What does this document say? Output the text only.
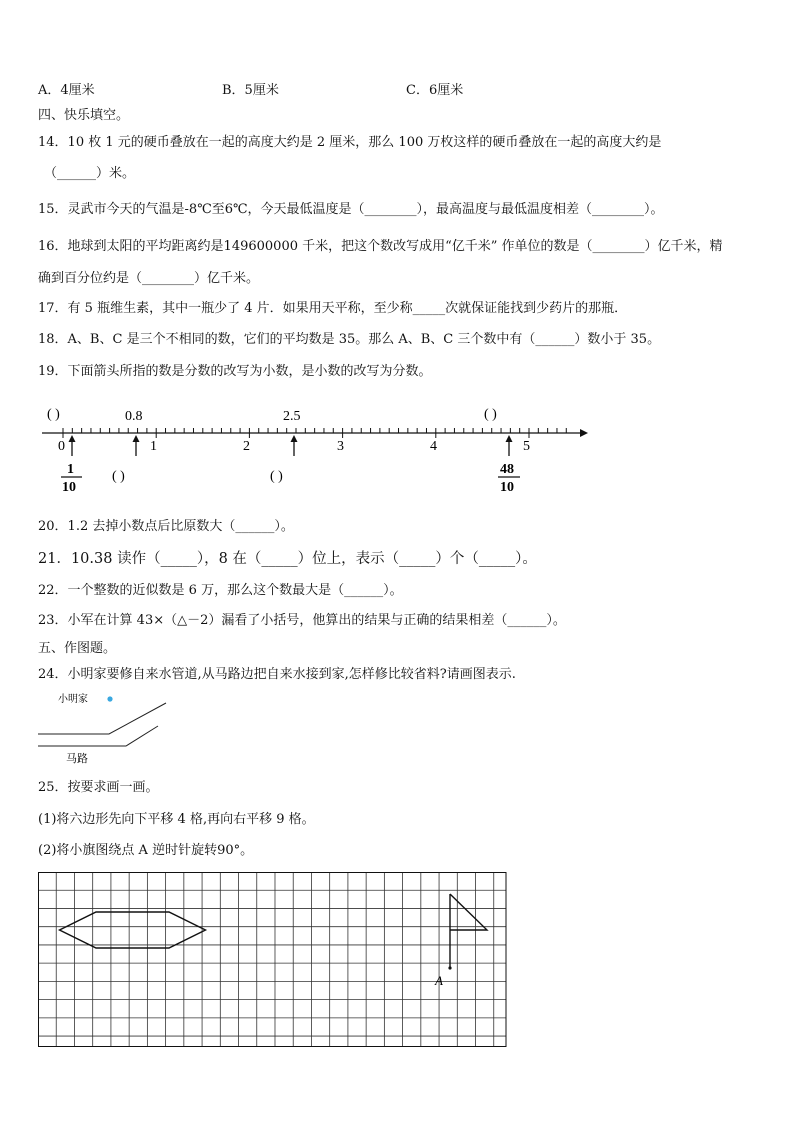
A．4厘米	B．5厘米	C．6厘米
四、快乐填空。
14．10 枚 1 元的硬币叠放在一起的高度大约是 2 厘米，那么 100 万枚这样的硬币叠放在一起的高度大约是
（______）米。
15．灵武市今天的气温是-8℃至6℃，今天最低温度是（________），最高温度与最低温度相差（________）。
16．地球到太阳的平均距离约是149600000 千米，把这个数改写成用“亿千米” 作单位的数是（________）亿千米，精
确到百分位约是（________）亿千米。
17．有 5 瓶维生素，其中一瓶少了 4 片．如果用天平称，至少称_____次就保证能找到少药片的那瓶．
18．A、B、C 是三个不相同的数，它们的平均数是 35。那么 A、B、C 三个数中有（______）数小于 35。
19．下面箭头所指的数是分数的改写为小数，是小数的改写为分数。
( )	0.8	2.5	( )
0	1	2	3	4	5
1
10
( )	( )	48
10
20．1.2 去掉小数点后比原数大（______）。
21．10.38 读作（_____），8 在（_____）位上，表示（_____）个（_____）。
22．一个整数的近似数是 6 万，那么这个数最大是（______）。
23．小军在计算 43×（△－2）漏看了小括号，他算出的结果与正确的结果相差（______）。
五、作图题。
24．小明家要修自来水管道,从马路边把自来水接到家,怎样修比较省料?请画图表示.
小明家
马路
25．按要求画一画。
(1)将六边形先向下平移 4 格,再向右平移 9 格。
(2)将小旗图绕点 A 逆时针旋转90°。
A
